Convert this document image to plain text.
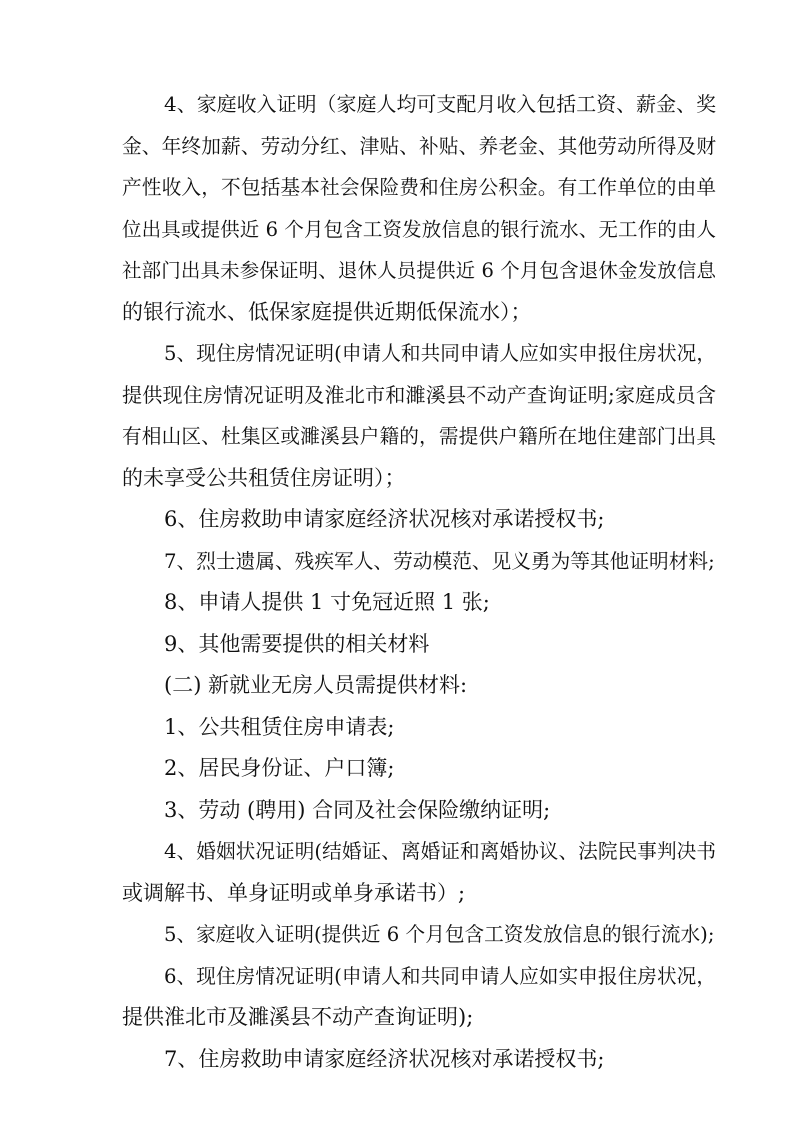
4、家庭收入证明（家庭人均可支配月收入包括工资、薪金、奖
金、年终加薪、劳动分红、津贴、补贴、养老金、其他劳动所得及财
产性收入，不包括基本社会保险费和住房公积金。有工作单位的由单
位出具或提供近 6 个月包含工资发放信息的银行流水、无工作的由人
社部门出具未参保证明、退休人员提供近 6 个月包含退休金发放信息
的银行流水、低保家庭提供近期低保流水）；

5、现住房情况证明(申请人和共同申请人应如实申报住房状况，
提供现住房情况证明及淮北市和濉溪县不动产查询证明;家庭成员含
有相山区、杜集区或濉溪县户籍的，需提供户籍所在地住建部门出具
的未享受公共租赁住房证明）；

6、住房救助申请家庭经济状况核对承诺授权书;

7、烈士遗属、残疾军人、劳动模范、见义勇为等其他证明材料;

8、申请人提供 1 寸免冠近照 1 张;

9、其他需要提供的相关材料

(二) 新就业无房人员需提供材料:

1、公共租赁住房申请表;

2、居民身份证、户口簿;

3、劳动 (聘用) 合同及社会保险缴纳证明;

4、婚姻状况证明(结婚证、离婚证和离婚协议、法院民事判决书
或调解书、单身证明或单身承诺书）;

5、家庭收入证明(提供近 6 个月包含工资发放信息的银行流水);

6、现住房情况证明(申请人和共同申请人应如实申报住房状况，
提供淮北市及濉溪县不动产查询证明);

7、住房救助申请家庭经济状况核对承诺授权书;
